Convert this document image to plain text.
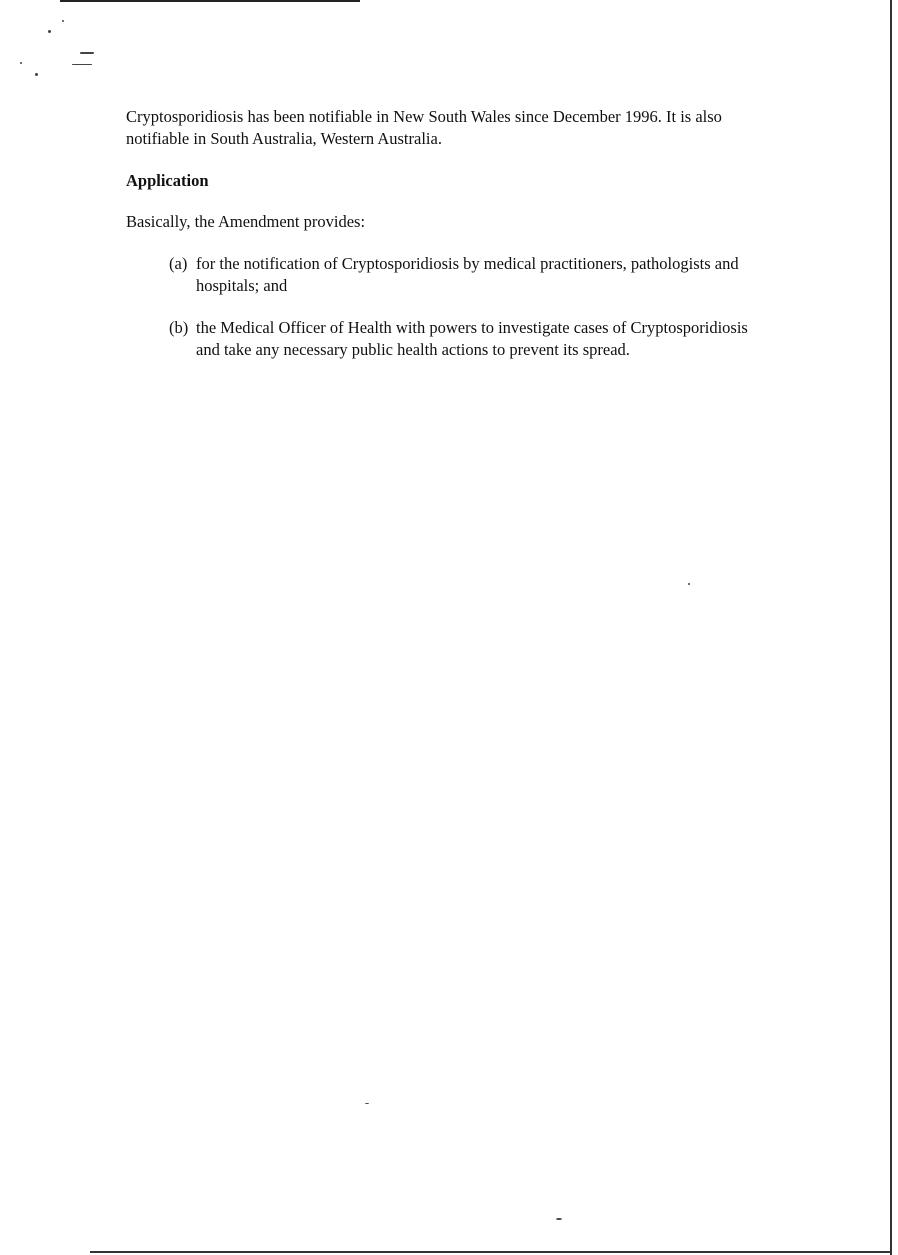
Cryptosporidiosis has been notifiable in New South Wales since December 1996. It is also notifiable in South Australia, Western Australia.

Application

Basically, the Amendment provides:

(a) for the notification of Cryptosporidiosis by medical practitioners, pathologists and hospitals; and
(b) the Medical Officer of Health with powers to investigate cases of Cryptosporidiosis and take any necessary public health actions to prevent its spread.
